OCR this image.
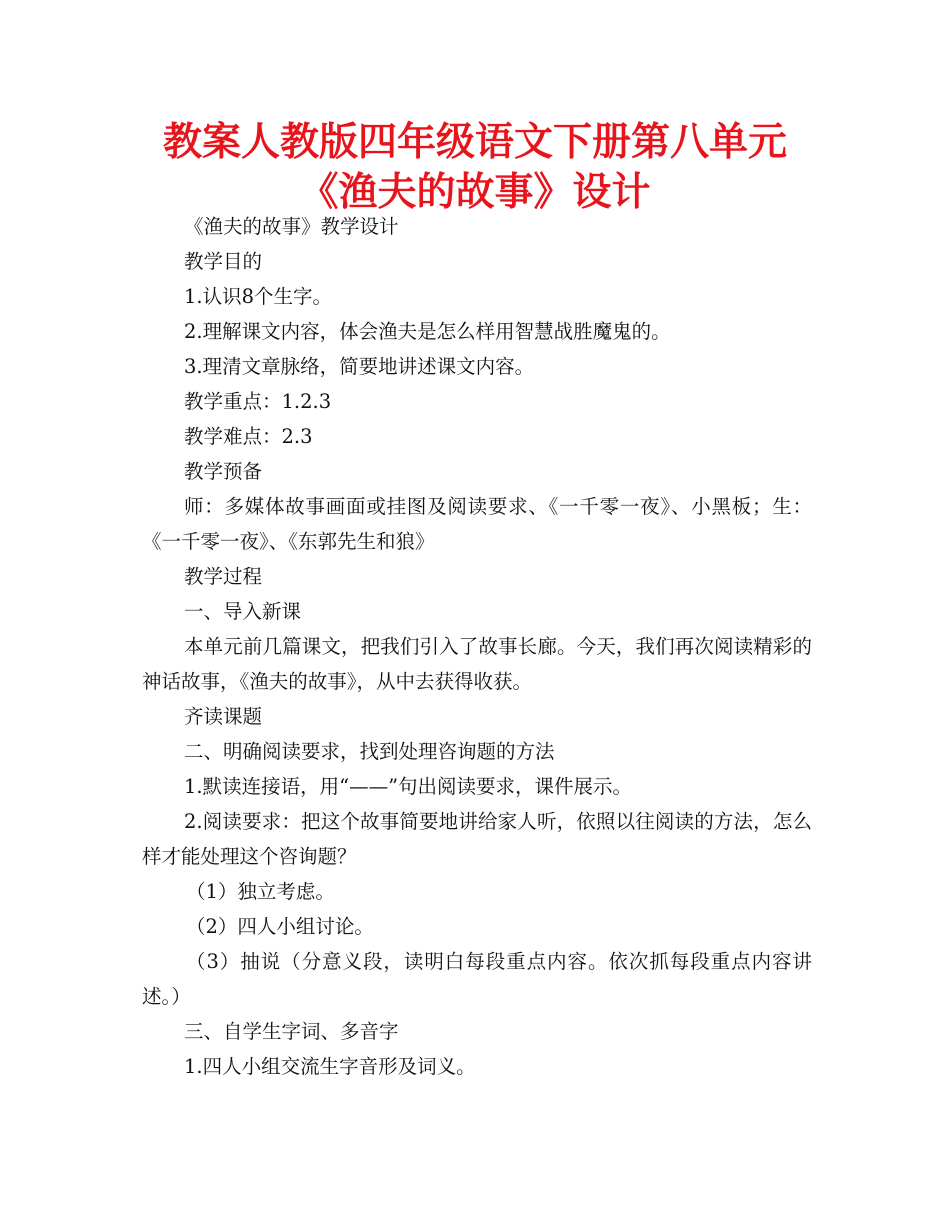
教案人教版四年级语文下册第八单元《渔夫的故事》设计

《渔夫的故事》教学设计

教学目的

1.认识8个生字。

2.理解课文内容，体会渔夫是怎么样用智慧战胜魔鬼的。

3.理清文章脉络，简要地讲述课文内容。

教学重点：1.2.3

教学难点：2.3

教学预备

师：多媒体故事画面或挂图及阅读要求、《一千零一夜》、小黑板；生：《一千零一夜》、《东郭先生和狼》

教学过程

一、导入新课

本单元前几篇课文，把我们引入了故事长廊。今天，我们再次阅读精彩的神话故事，《渔夫的故事》，从中去获得收获。

齐读课题

二、明确阅读要求，找到处理咨询题的方法

1.默读连接语，用“——”句出阅读要求，课件展示。

2.阅读要求：把这个故事简要地讲给家人听，依照以往阅读的方法，怎么样才能处理这个咨询题？

（1）独立考虑。

（2）四人小组讨论。

（3）抽说（分意义段，读明白每段重点内容。依次抓每段重点内容讲述。）

三、自学生字词、多音字

1.四人小组交流生字音形及词义。
